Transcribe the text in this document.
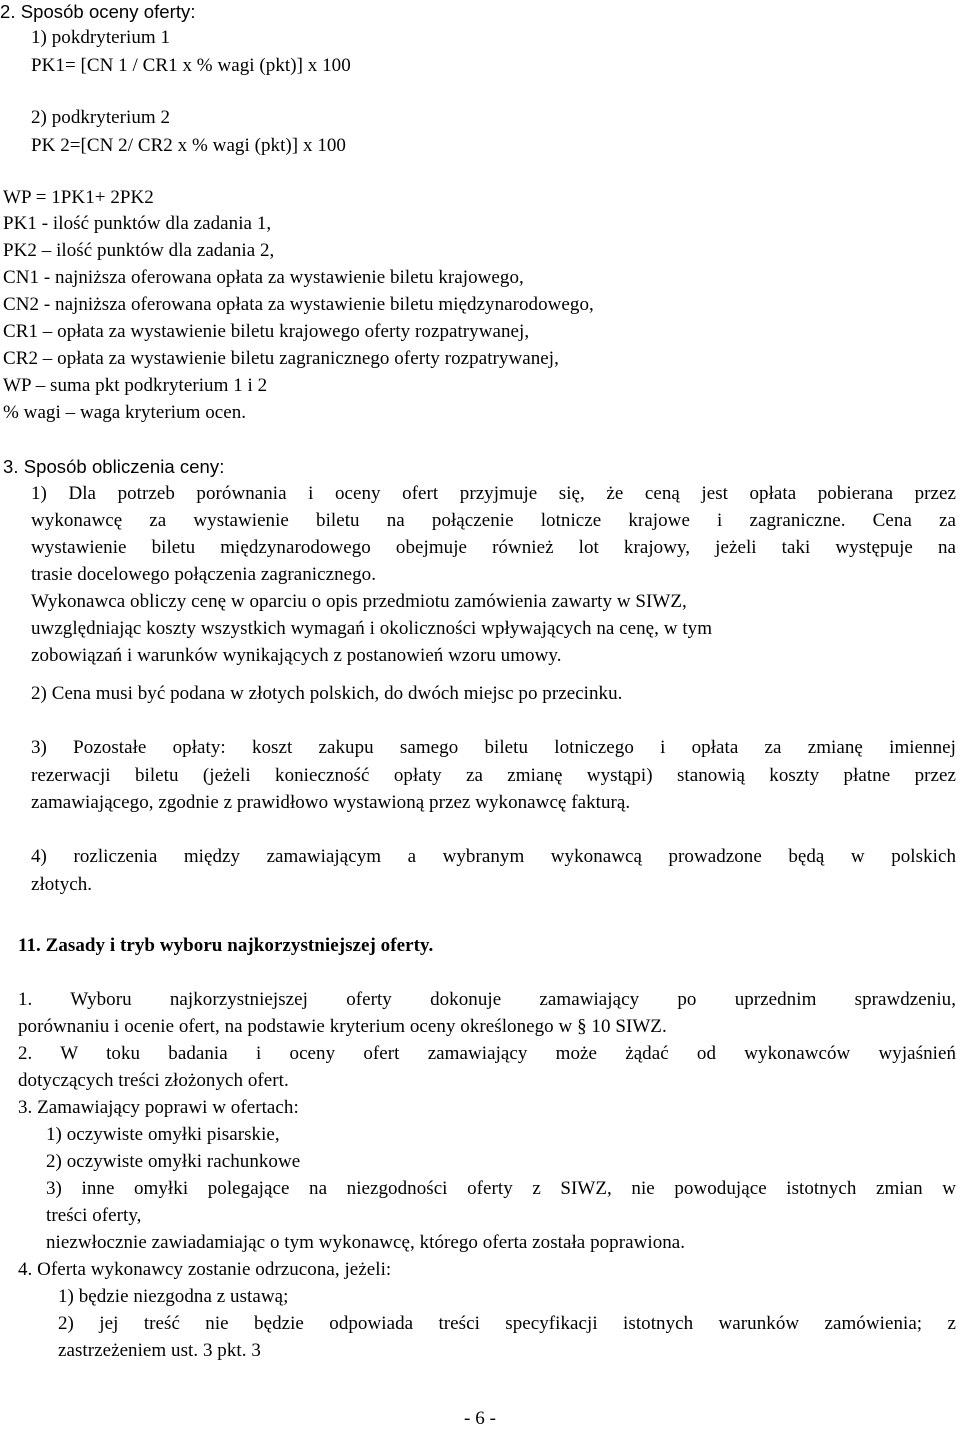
2. Sposób oceny oferty:

1) pokdryterium 1

PK1= [CN 1 / CR1 x % wagi (pkt)] x 100

2) podkryterium 2

PK 2=[CN 2/ CR2 x % wagi (pkt)] x 100

WP = 1PK1+ 2PK2

PK1 - ilość punktów dla zadania 1,

PK2 – ilość punktów dla zadania 2,

CN1 - najniższa oferowana opłata za wystawienie biletu krajowego,

CN2 - najniższa oferowana opłata za wystawienie biletu międzynarodowego,

CR1 – opłata za wystawienie biletu krajowego oferty rozpatrywanej,

CR2 – opłata za wystawienie biletu zagranicznego oferty rozpatrywanej,

WP – suma pkt podkryterium 1 i 2

% wagi – waga kryterium ocen.

3. Sposób obliczenia ceny:

1) Dla potrzeb porównania i oceny ofert przyjmuje się, że ceną jest opłata pobierana przez

wykonawcę za wystawienie biletu na połączenie lotnicze krajowe i zagraniczne. Cena za

wystawienie biletu międzynarodowego obejmuje również lot krajowy, jeżeli taki występuje na

trasie docelowego połączenia zagranicznego.

Wykonawca obliczy cenę w oparciu o opis przedmiotu zamówienia zawarty w SIWZ,

uwzględniając koszty wszystkich wymagań i okoliczności wpływających na cenę, w tym

zobowiązań i warunków wynikających z postanowień wzoru umowy.

2) Cena musi być podana w złotych polskich, do dwóch miejsc po przecinku.

3) Pozostałe opłaty: koszt zakupu samego biletu lotniczego i opłata za zmianę imiennej

rezerwacji biletu (jeżeli konieczność opłaty za zmianę wystąpi) stanowią koszty płatne przez

zamawiającego, zgodnie z prawidłowo wystawioną przez wykonawcę fakturą.

4) rozliczenia między zamawiającym a wybranym wykonawcą prowadzone będą w polskich

złotych.

11. Zasady i tryb wyboru najkorzystniejszej oferty.

1. Wyboru najkorzystniejszej oferty dokonuje zamawiający po uprzednim sprawdzeniu,

porównaniu i ocenie ofert, na podstawie kryterium oceny określonego w § 10 SIWZ.

2. W toku badania i oceny ofert zamawiający może żądać od wykonawców wyjaśnień

dotyczących treści złożonych ofert.

3. Zamawiający poprawi w ofertach:

1) oczywiste omyłki pisarskie,

2) oczywiste omyłki rachunkowe

3) inne omyłki polegające na niezgodności oferty z SIWZ, nie powodujące istotnych zmian w

treści oferty,

niezwłocznie zawiadamiając o tym wykonawcę, którego oferta została poprawiona.

4. Oferta wykonawcy zostanie odrzucona, jeżeli:

1) będzie niezgodna z ustawą;

2) jej treść nie będzie odpowiada treści specyfikacji istotnych warunków zamówienia; z

zastrzeżeniem ust. 3 pkt. 3

- 6 -
